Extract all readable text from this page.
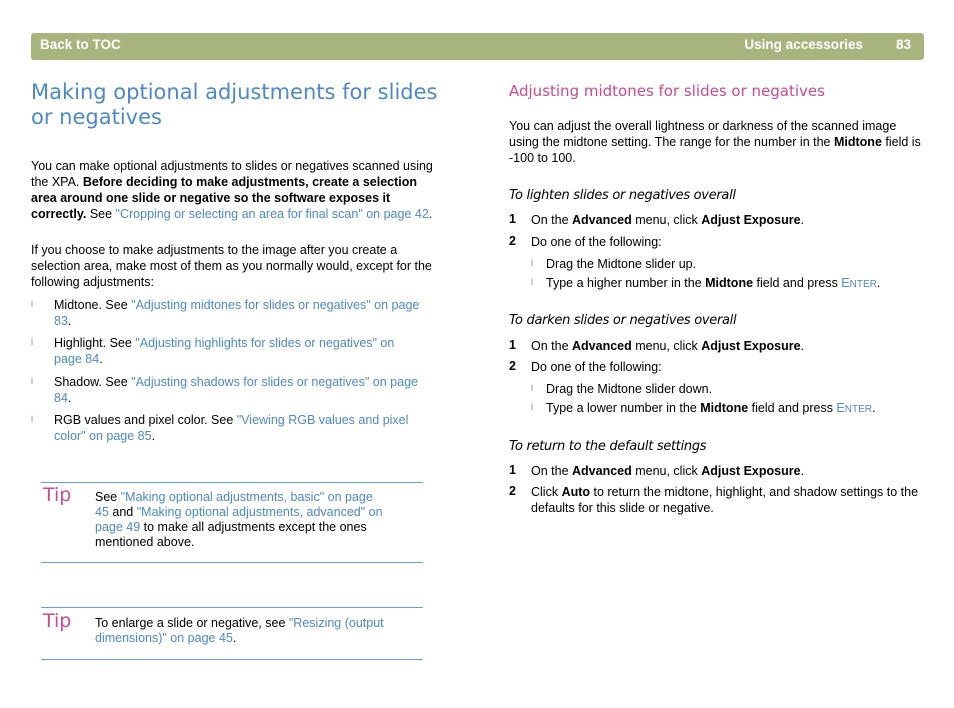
Back to TOC	Using accessories 83
Making optional adjustments for slides or negatives

You can make optional adjustments to slides or negatives scanned using the XPA. Before deciding to make adjustments, create a selection area around one slide or negative so the software exposes it correctly. See "Cropping or selecting an area for final scan" on page 42.

If you choose to make adjustments to the image after you create a selection area, make most of them as you normally would, except for the following adjustments:

l Midtone. See "Adjusting midtones for slides or negatives" on page 83.

l Highlight. See "Adjusting highlights for slides or negatives" on page 84.

l Shadow. See "Adjusting shadows for slides or negatives" on page 84.

l RGB values and pixel color. See "Viewing RGB values and pixel color" on page 85.

Tip See "Making optional adjustments, basic" on page 45 and "Making optional adjustments, advanced" on page 49 to make all adjustments except the ones mentioned above.

Tip To enlarge a slide or negative, see "Resizing (output dimensions)" on page 45.

Adjusting midtones for slides or negatives

You can adjust the overall lightness or darkness of the scanned image using the midtone setting. The range for the number in the Midtone field is -100 to 100.

To lighten slides or negatives overall

1 On the Advanced menu, click Adjust Exposure.

2 Do one of the following:

l Drag the Midtone slider up.

l Type a higher number in the Midtone field and press ENTER.

To darken slides or negatives overall

1 On the Advanced menu, click Adjust Exposure.

2 Do one of the following:

l Drag the Midtone slider down.

l Type a lower number in the Midtone field and press ENTER.

To return to the default settings

1 On the Advanced menu, click Adjust Exposure.

2 Click Auto to return the midtone, highlight, and shadow settings to the defaults for this slide or negative.
